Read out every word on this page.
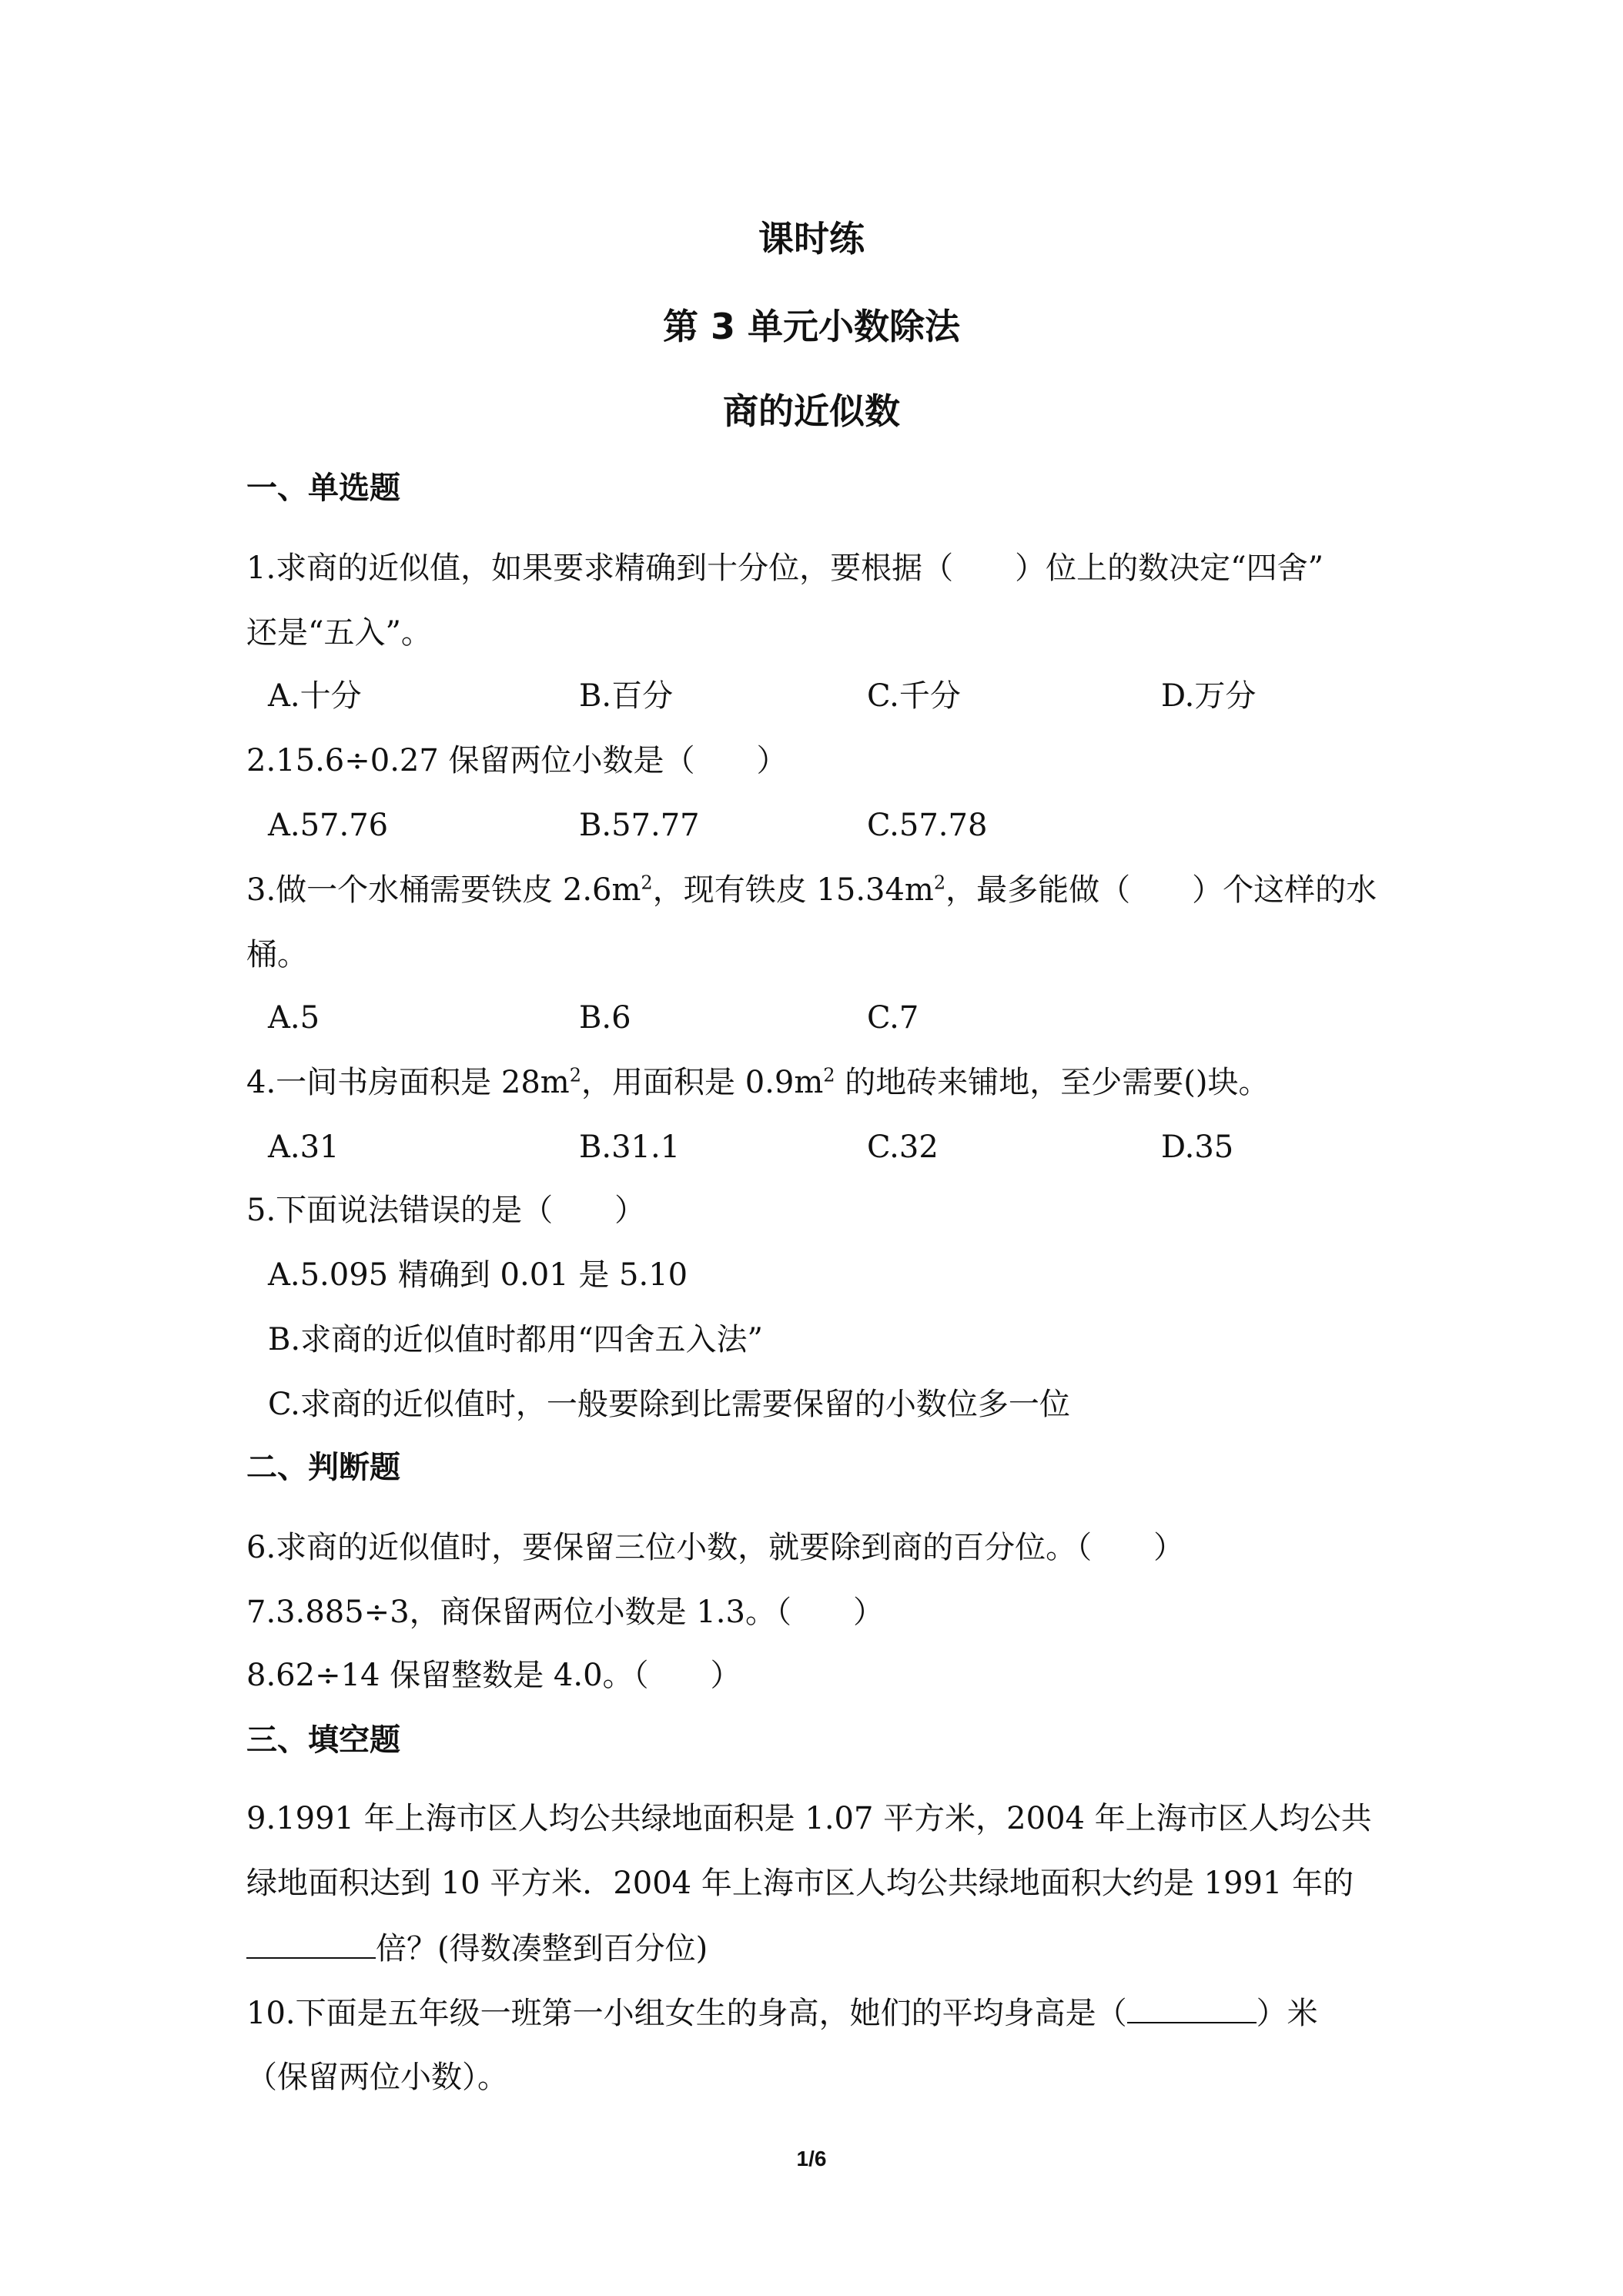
课时练
第 3 单元小数除法
商的近似数
一、单选题
1.求商的近似值，如果要求精确到十分位，要根据（　　）位上的数决定“四舍”
还是“五入”。
A.十分	B.百分	C.千分	D.万分
2.15.6÷0.27 保留两位小数是（　　）
A.57.76	B.57.77	C.57.78
3.做一个水桶需要铁皮 $2.6m^2$，现有铁皮 $15.34m^2$，最多能做（　　）个这样的水
桶。
A.5	B.6	C.7
4.一间书房面积是 $28m^2$，用面积是 $0.9m^2$ 的地砖来铺地，至少需要()块。
A.31	B.31.1	C.32	D.35
5.下面说法错误的是（　　）
A.5.095 精确到 0.01 是 5.10
B.求商的近似值时都用“四舍五入法”
C.求商的近似值时，一般要除到比需要保留的小数位多一位
二、判断题
6.求商的近似值时，要保留三位小数，就要除到商的百分位。（　　）
7.3.885÷3，商保留两位小数是 1.3。（　　）
8.62÷14 保留整数是 4.0。（　　）
三、填空题
9.1991 年上海市区人均公共绿地面积是 1.07 平方米，2004 年上海市区人均公共
绿地面积达到 10 平方米．2004 年上海市区人均公共绿地面积大约是 1991 年的
倍？(得数凑整到百分位)
10.下面是五年级一班第一小组女生的身高，她们的平均身高是（	）米
（保留两位小数）。
1/6
